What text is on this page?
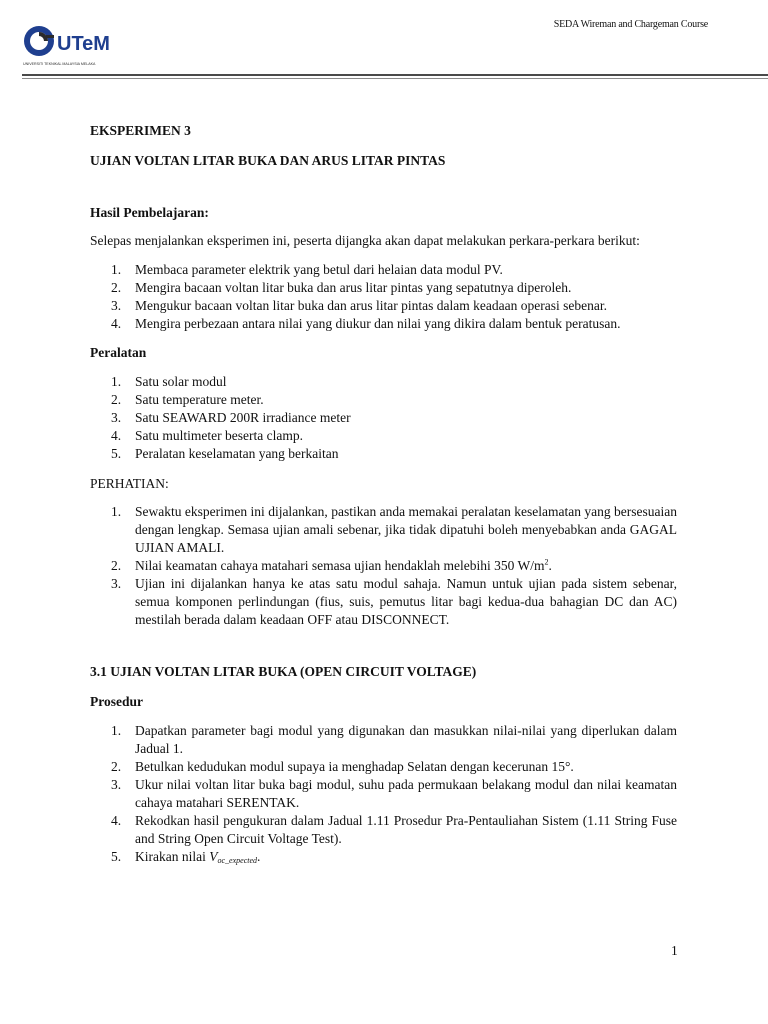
UTeM
UNIVERSITI TEKNIKAL MALAYSIA MELAKA
SEDA Wireman and Chargeman Course

EKSPERIMEN 3

UJIAN VOLTAN LITAR BUKA DAN ARUS LITAR PINTAS

Hasil Pembelajaran:

Selepas menjalankan eksperimen ini, peserta dijangka akan dapat melakukan perkara-perkara berikut:

1. Membaca parameter elektrik yang betul dari helaian data modul PV.
2. Mengira bacaan voltan litar buka dan arus litar pintas yang sepatutnya diperoleh.
3. Mengukur bacaan voltan litar buka dan arus litar pintas dalam keadaan operasi sebenar.
4. Mengira perbezaan antara nilai yang diukur dan nilai yang dikira dalam bentuk peratusan.

Peralatan

1. Satu solar modul
2. Satu temperature meter.
3. Satu SEAWARD 200R irradiance meter
4. Satu multimeter beserta clamp.
5. Peralatan keselamatan yang berkaitan

PERHATIAN:

1. Sewaktu eksperimen ini dijalankan, pastikan anda memakai peralatan keselamatan yang bersesuaian dengan lengkap. Semasa ujian amali sebenar, jika tidak dipatuhi boleh menyebabkan anda GAGAL UJIAN AMALI.
2. Nilai keamatan cahaya matahari semasa ujian hendaklah melebihi 350 $W/m^2$.
3. Ujian ini dijalankan hanya ke atas satu modul sahaja. Namun untuk ujian pada sistem sebenar, semua komponen perlindungan (fius, suis, pemutus litar bagi kedua-dua bahagian DC dan AC) mestilah berada dalam keadaan OFF atau DISCONNECT.

3.1 UJIAN VOLTAN LITAR BUKA (OPEN CIRCUIT VOLTAGE)

Prosedur

1. Dapatkan parameter bagi modul yang digunakan dan masukkan nilai-nilai yang diperlukan dalam Jadual 1.
2. Betulkan kedudukan modul supaya ia menghadap Selatan dengan kecerunan 15°.
3. Ukur nilai voltan litar buka bagi modul, suhu pada permukaan belakang modul dan nilai keamatan cahaya matahari SERENTAK.
4. Rekodkan hasil pengukuran dalam Jadual 1.11 Prosedur Pra-Pentauliahan Sistem (1.11 String Fuse and String Open Circuit Voltage Test).
5. Kirakan nilai Voc_expected.
1
